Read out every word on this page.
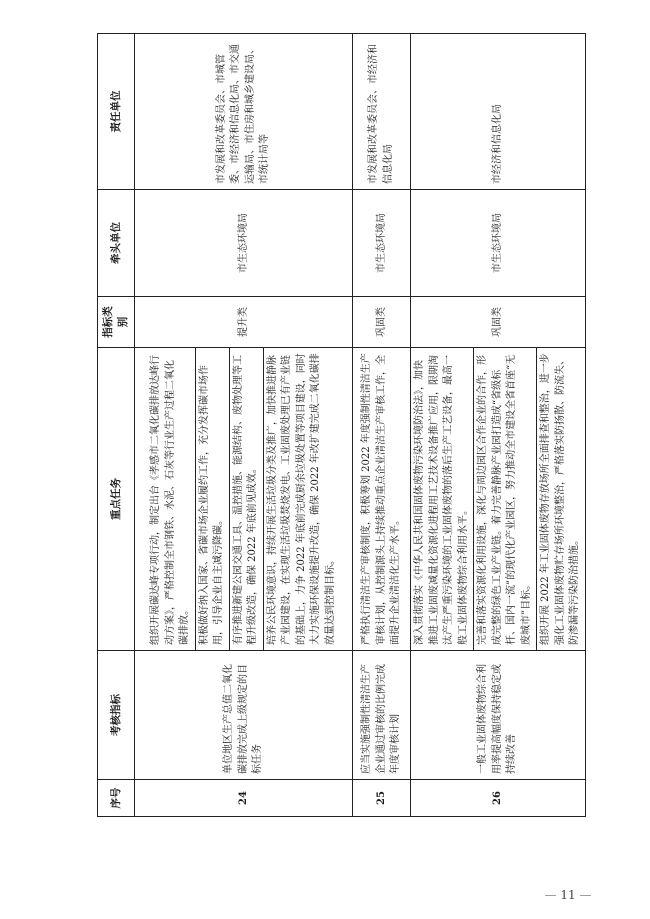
序号	考核指标	重点任务	指标类别	牵头单位	责任单位
24	单位地区生产总值二氧化碳排放完成上级规定的目标任务	组织开展碳达峰专项行动，制定出台《孝感市二氧化碳排放达峰行动方案》，严格控制全市钢铁、水泥、石灰等行业生产过程二氧化碳排放。 积极做好纳入国家、省碳市场企业履约工作，充分发挥碳市场作用，引导企业自主减污降碳。 有序推进新建公园交通工具、温控措施、能源结构、废物处理等工程升级改造，确保 2022 年底前见成效。 培养公民环境意识，持续开展生活垃圾分类及推广，加快推进静脉产业园建设，在实现生活垃圾焚烧发电、工业固废处理已有产业链的基础上，力争 2022 年底前完成厨余垃圾处置等项目建设，同时大力实施环保设施提升改造，确保 2022 年改扩建完成二氧化碳排放量达到控制目标。	提升类	市生态环境局	市发展和改革委员会、市城管委、市经济和信息化局、市交通运输局、市住房和城乡建设局、市统计局等
25	应当实施强制性清洁生产企业通过审核的比例完成年度审核计划	严格执行清洁生产审核制度，积极筹划 2022 年度强制性清洁生产审核计划，从控制源头上持续推动重点企业清洁生产审核工作，全面提升企业清洁化生产水平。	巩固类	市生态环境局	市发展和改革委员会、市经济和信息化局
26	一般工业固体废物综合利用率提高幅度保持稳定或持续改善	深入贯彻落实《中华人民共和国固体废物污染环境防治法》，加快推进工业固废减量化资源化进程用工艺技术设备推广应用，限期淘汰产生严重污染环境的工业固体废物的落后生产工艺设备，最高一般工业固体废物综合利用水平。 完善和落实资源化利用设施，深化与周边园区合作企业的合作，形成完整的绿色工业产业链。着力完善静脉产业园打造成“省级标杆、国内一流”的现代化产业园区，努力推动全市建设全省首座“无废城市”目标。 组织开展 2022 年工业固体废物存放场所全面排查和整治，进一步强化工业固体废物贮存场所环境整治，严格落实防扬散、防流失、防渗漏等污染防治措施。	巩固类	市生态环境局	市经济和信息化局
— 11 —
